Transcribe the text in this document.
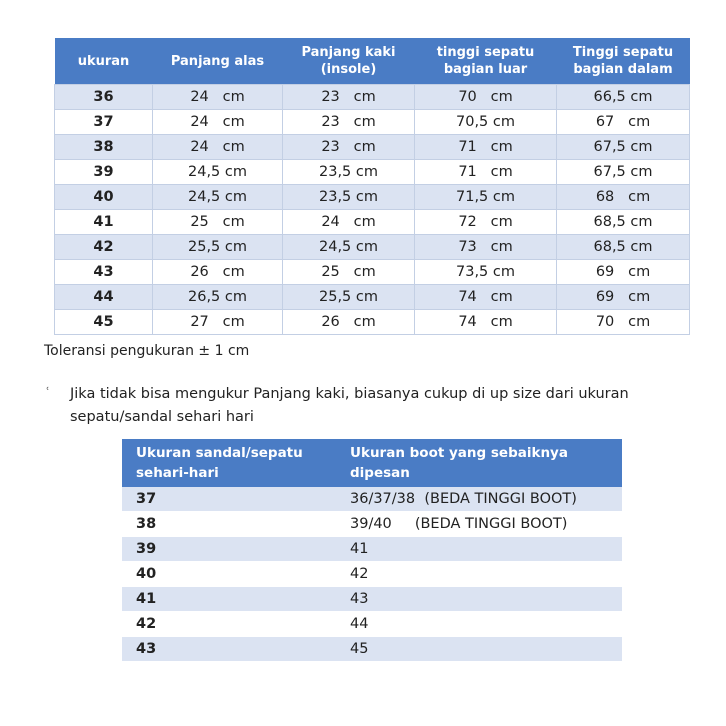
ukuran	Panjang alas	Panjang kaki (insole)	tinggi sepatu bagian luar	Tinggi sepatu bagian dalam
36	24   cm	23   cm	70   cm	66,5 cm
37	24   cm	23   cm	70,5 cm	67   cm
38	24   cm	23   cm	71   cm	67,5 cm
39	24,5 cm	23,5 cm	71   cm	67,5 cm
40	24,5 cm	23,5 cm	71,5 cm	68   cm
41	25   cm	24   cm	72   cm	68,5 cm
42	25,5 cm	24,5 cm	73   cm	68,5 cm
43	26   cm	25   cm	73,5 cm	69   cm
44	26,5 cm	25,5 cm	74   cm	69   cm
45	27   cm	26   cm	74   cm	70   cm
Toleransi pengukuran ± 1 cm
ʿ	Jika tidak bisa mengukur Panjang kaki, biasanya cukup di up size dari ukuran sepatu/sandal sehari hari
Ukuran sandal/sepatu sehari-hari	Ukuran boot yang sebaiknya dipesan
37	36/37/38  (BEDA TINGGI BOOT)
38	39/40     (BEDA TINGGI BOOT)
39	41
40	42
41	43
42	44
43	45
